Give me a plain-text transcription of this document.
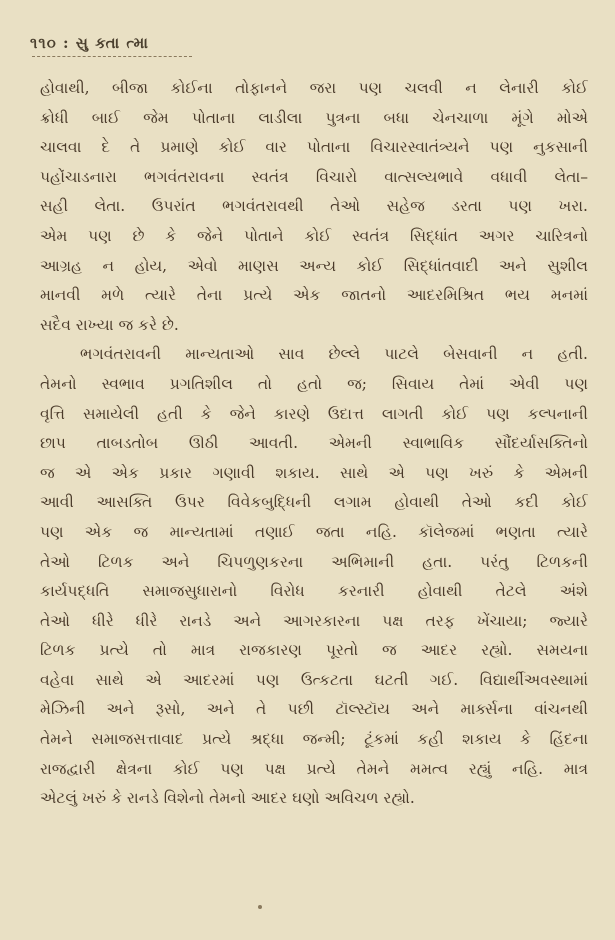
૧૧૦ : સુ ક્તા ત્મા

હોવાથી, બીજા કોઈના તોફાનને જરા પણ ચલવી ન લેનારી કોઈ
ક્રોધી બાઈ જેમ પોતાના લાડીલા પુત્રના બધા ચેનચાળા મૂંગે મોએ
ચાલવા દે તે પ્રમાણે કોઈ વાર પોતાના વિચારસ્વાતંત્ર્યને પણ નુકસાની
પહોંચાડનારા ભગવંતરાવના સ્વતંત્ર વિચારો વાત્સલ્યભાવે વધાવી લેતા–
સહી લેતા. ઉપરાંત ભગવંતરાવથી તેઓ સહેજ ડરતા પણ ખરા.
એમ પણ છે કે જેને પોતાને કોઈ સ્વતંત્ર સિદ્ધાંત અગર ચારિત્રનો
આગ્રહ ન હોય, એવો માણસ અન્ય કોઈ સિદ્ધાંતવાદી અને સુશીલ
માનવી મળે ત્યારે તેના પ્રત્યે એક જાતનો આદરમિશ્રિત ભય મનમાં
સદૈવ રાખ્યા જ કરે છે.

ભગવંતરાવની માન્યતાઓ સાવ છેલ્લે પાટલે બેસવાની ન હતી.
તેમનો સ્વભાવ પ્રગતિશીલ તો હતો જ; સિવાય તેમાં એવી પણ
વૃત્તિ સમાયેલી હતી કે જેને કારણે ઉદાત્ત લાગતી કોઈ પણ કલ્પનાની
છાપ તાબડતોબ ઊઠી આવતી. એમની સ્વાભાવિક સૌંદર્યાસક્તિનો
જ એ એક પ્રકાર ગણાવી શકાય. સાથે એ પણ ખરું કે એમની
આવી આસક્તિ ઉપર વિવેકબુદ્ધિની લગામ હોવાથી તેઓ કદી કોઈ
પણ એક જ માન્યતામાં તણાઈ જતા નહિ. કૉલેજમાં ભણતા ત્યારે
તેઓ ટિળક અને ચિપળુણકરના અભિમાની હતા. પરંતુ ટિળકની
કાર્યપદ્ધતિ સમાજસુધારાનો વિરોધ કરનારી હોવાથી તેટલે અંશે
તેઓ ધીરે ધીરે રાનડે અને આગરકારના પક્ષ તરફ ખેંચાયા; જ્યારે
ટિળક પ્રત્યે તો માત્ર રાજકારણ પૂરતો જ આદર રહ્યો. સમયના
વહેવા સાથે એ આદરમાં પણ ઉત્કટતા ઘટતી ગઈ. વિદ્યાર્થીઅવસ્થામાં
મેઝિની અને રૂસો, અને તે પછી ટૉલ્સ્ટૉય અને માર્ક્સના વાંચનથી
તેમને સમાજસત્તાવાદ પ્રત્યે શ્રદ્ધા જન્મી; ટૂંકમાં કહી શકાય કે હિંદના
રાજદ્વારી ક્ષેત્રના કોઈ પણ પક્ષ પ્રત્યે તેમને મમત્વ રહ્યું નહિ. માત્ર
એટલું ખરું કે રાનડે વિશેનો તેમનો આદર ઘણો અવિચળ રહ્યો.
